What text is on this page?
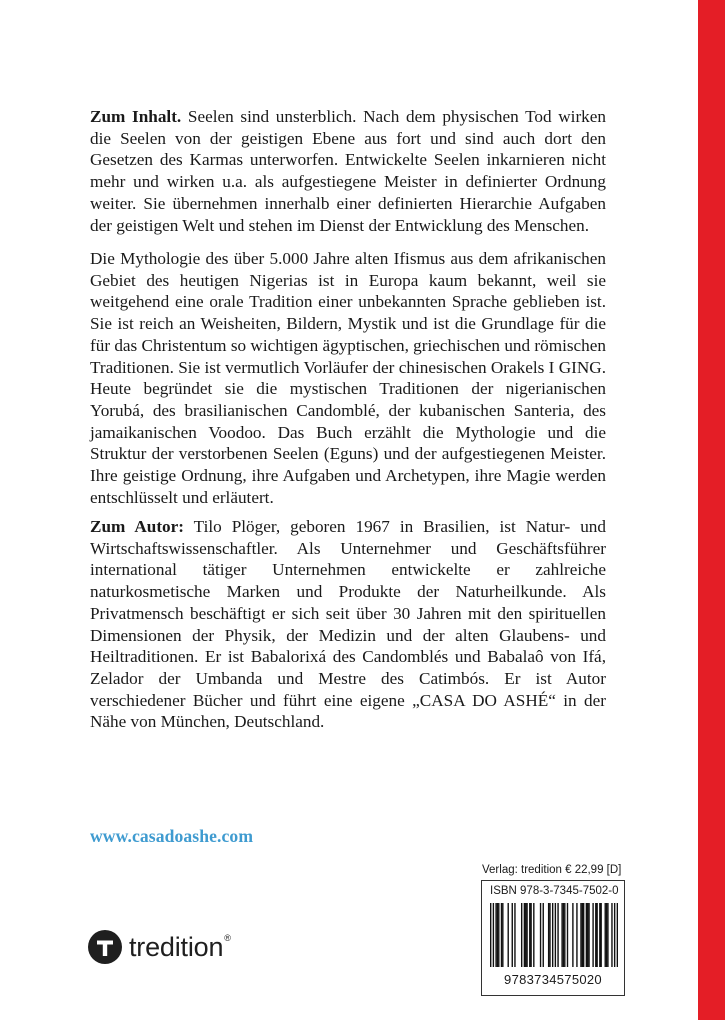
Zum Inhalt. Seelen sind unsterblich. Nach dem physischen Tod wirken die Seelen von der geistigen Ebene aus fort und sind auch dort den Gesetzen des Karmas unterworfen. Entwickelte Seelen inkarnieren nicht mehr und wirken u.a. als aufgestiegene Meister in definierter Ordnung weiter. Sie übernehmen innerhalb einer definierten Hierarchie Aufgaben der geistigen Welt und stehen im Dienst der Entwicklung des Menschen.

Die Mythologie des über 5.000 Jahre alten Ifismus aus dem afrikanischen Gebiet des heutigen Nigerias ist in Europa kaum bekannt, weil sie weitgehend eine orale Tradition einer unbekannten Sprache geblieben ist. Sie ist reich an Weisheiten, Bildern, Mystik und ist die Grundlage für die für das Christentum so wichtigen ägyptischen, griechischen und römischen Traditionen. Sie ist vermutlich Vorläufer der chinesischen Orakels I GING. Heute begründet sie die mystischen Traditionen der nigerianischen Yorubá, des brasilianischen Candomblé, der kubanischen Santeria, des jamaikanischen Voodoo. Das Buch erzählt die Mythologie und die Struktur der verstorbenen Seelen (Eguns) und der aufgestiegenen Meister. Ihre geistige Ordnung, ihre Aufgaben und Archetypen, ihre Magie werden entschlüsselt und erläutert.

Zum Autor: Tilo Plöger, geboren 1967 in Brasilien, ist Natur- und Wirtschaftswissenschaftler. Als Unternehmer und Geschäftsführer international tätiger Unternehmen entwickelte er zahlreiche naturkosmetische Marken und Produkte der Naturheilkunde. Als Privatmensch beschäftigt er sich seit über 30 Jahren mit den spirituellen Dimensionen der Physik, der Medizin und der alten Glaubens- und Heiltraditionen. Er ist Babalorixá des Candomblés und Babalaô von Ifá, Zelador der Umbanda und Mestre des Catimbós. Er ist Autor verschiedener Bücher und führt eine eigene „CASA DO ASHÉ“ in der Nähe von München, Deutschland.

www.casadoashe.com
tredition ®
Verlag: tredition € 22,99 [D]
ISBN 978-3-7345-7502-0
9783734575020
